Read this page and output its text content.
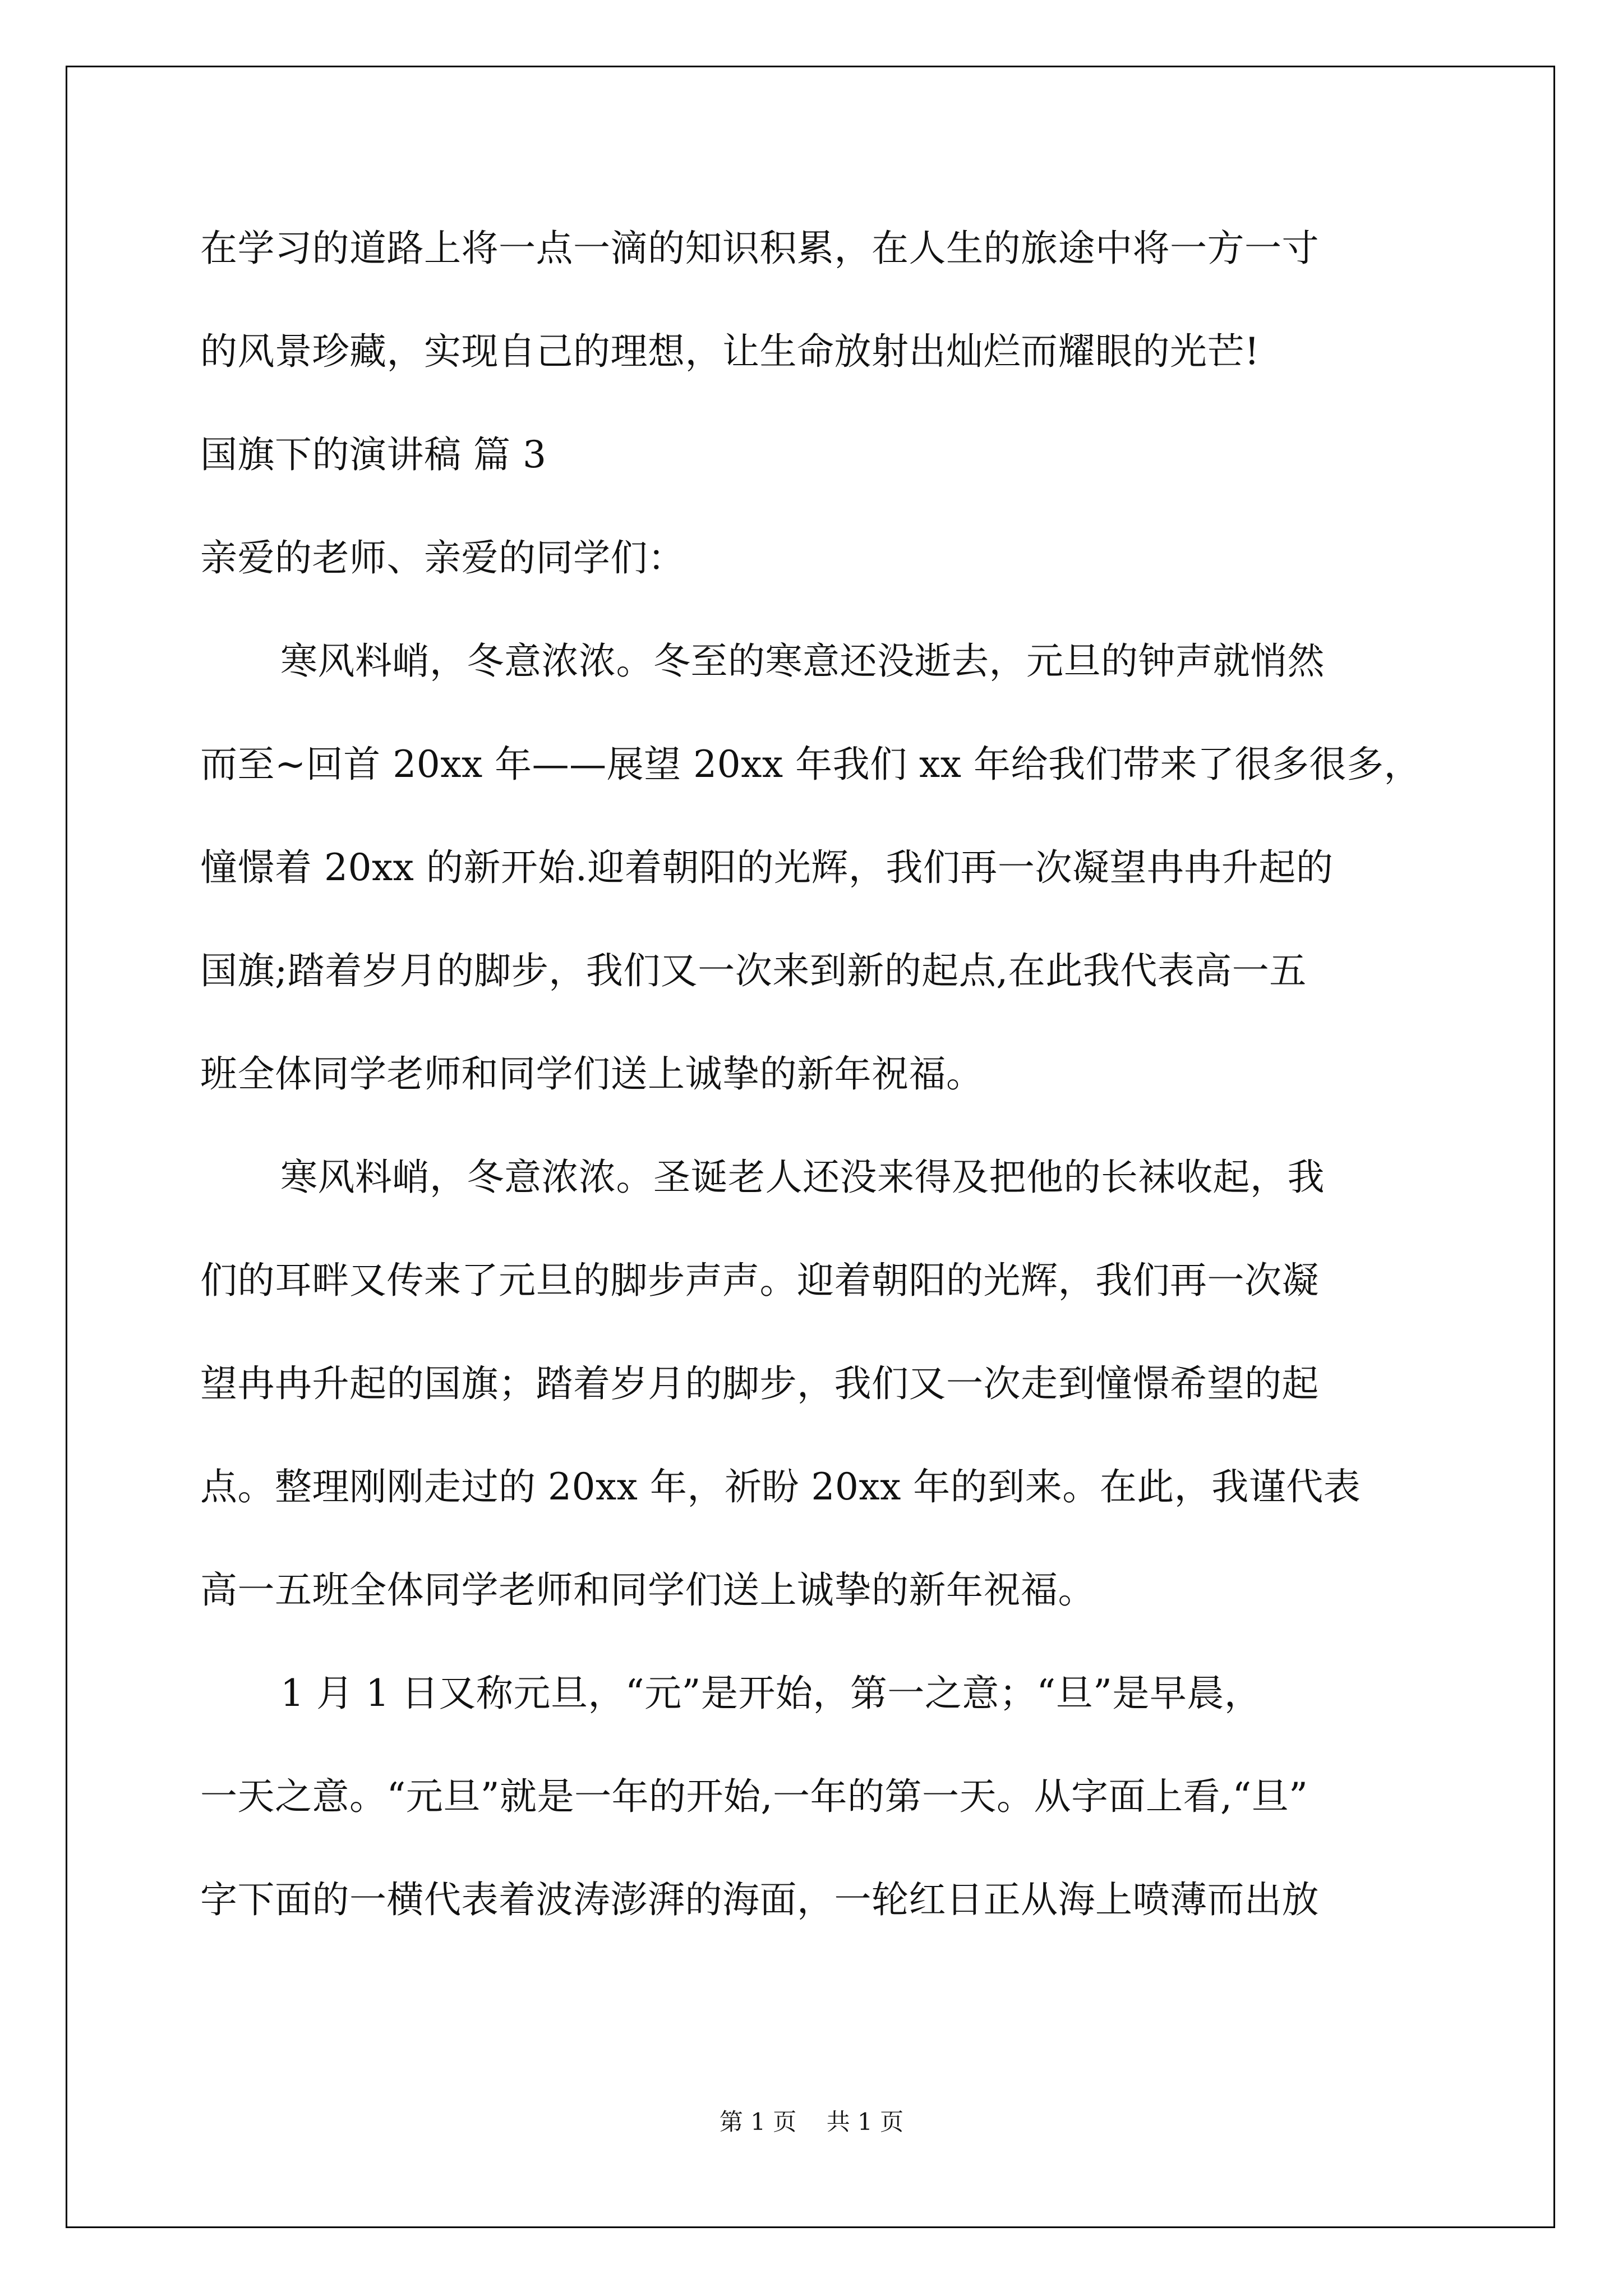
在学习的道路上将一点一滴的知识积累，在人生的旅途中将一方一寸
的风景珍藏，实现自己的理想，让生命放射出灿烂而耀眼的光芒!
国旗下的演讲稿 篇 3
亲爱的老师、亲爱的同学们：
寒风料峭，冬意浓浓。冬至的寒意还没逝去，元旦的钟声就悄然
而至~回首 20xx 年——展望 20xx 年我们 xx 年给我们带来了很多很多，
憧憬着 20xx 的新开始.迎着朝阳的光辉，我们再一次凝望冉冉升起的
国旗;踏着岁月的脚步，我们又一次来到新的起点,在此我代表高一五
班全体同学老师和同学们送上诚挚的新年祝福。
寒风料峭，冬意浓浓。圣诞老人还没来得及把他的长袜收起，我
们的耳畔又传来了元旦的脚步声声。迎着朝阳的光辉，我们再一次凝
望冉冉升起的国旗；踏着岁月的脚步，我们又一次走到憧憬希望的起
点。整理刚刚走过的 20xx 年，祈盼 20xx 年的到来。在此，我谨代表
高一五班全体同学老师和同学们送上诚挚的新年祝福。
1 月 1 日又称元旦，“元”是开始，第一之意；“旦”是早晨，
一天之意。“元旦”就是一年的开始,一年的第一天。从字面上看,“旦”
字下面的一横代表着波涛澎湃的海面，一轮红日正从海上喷薄而出放
第 1 页    共 1 页
